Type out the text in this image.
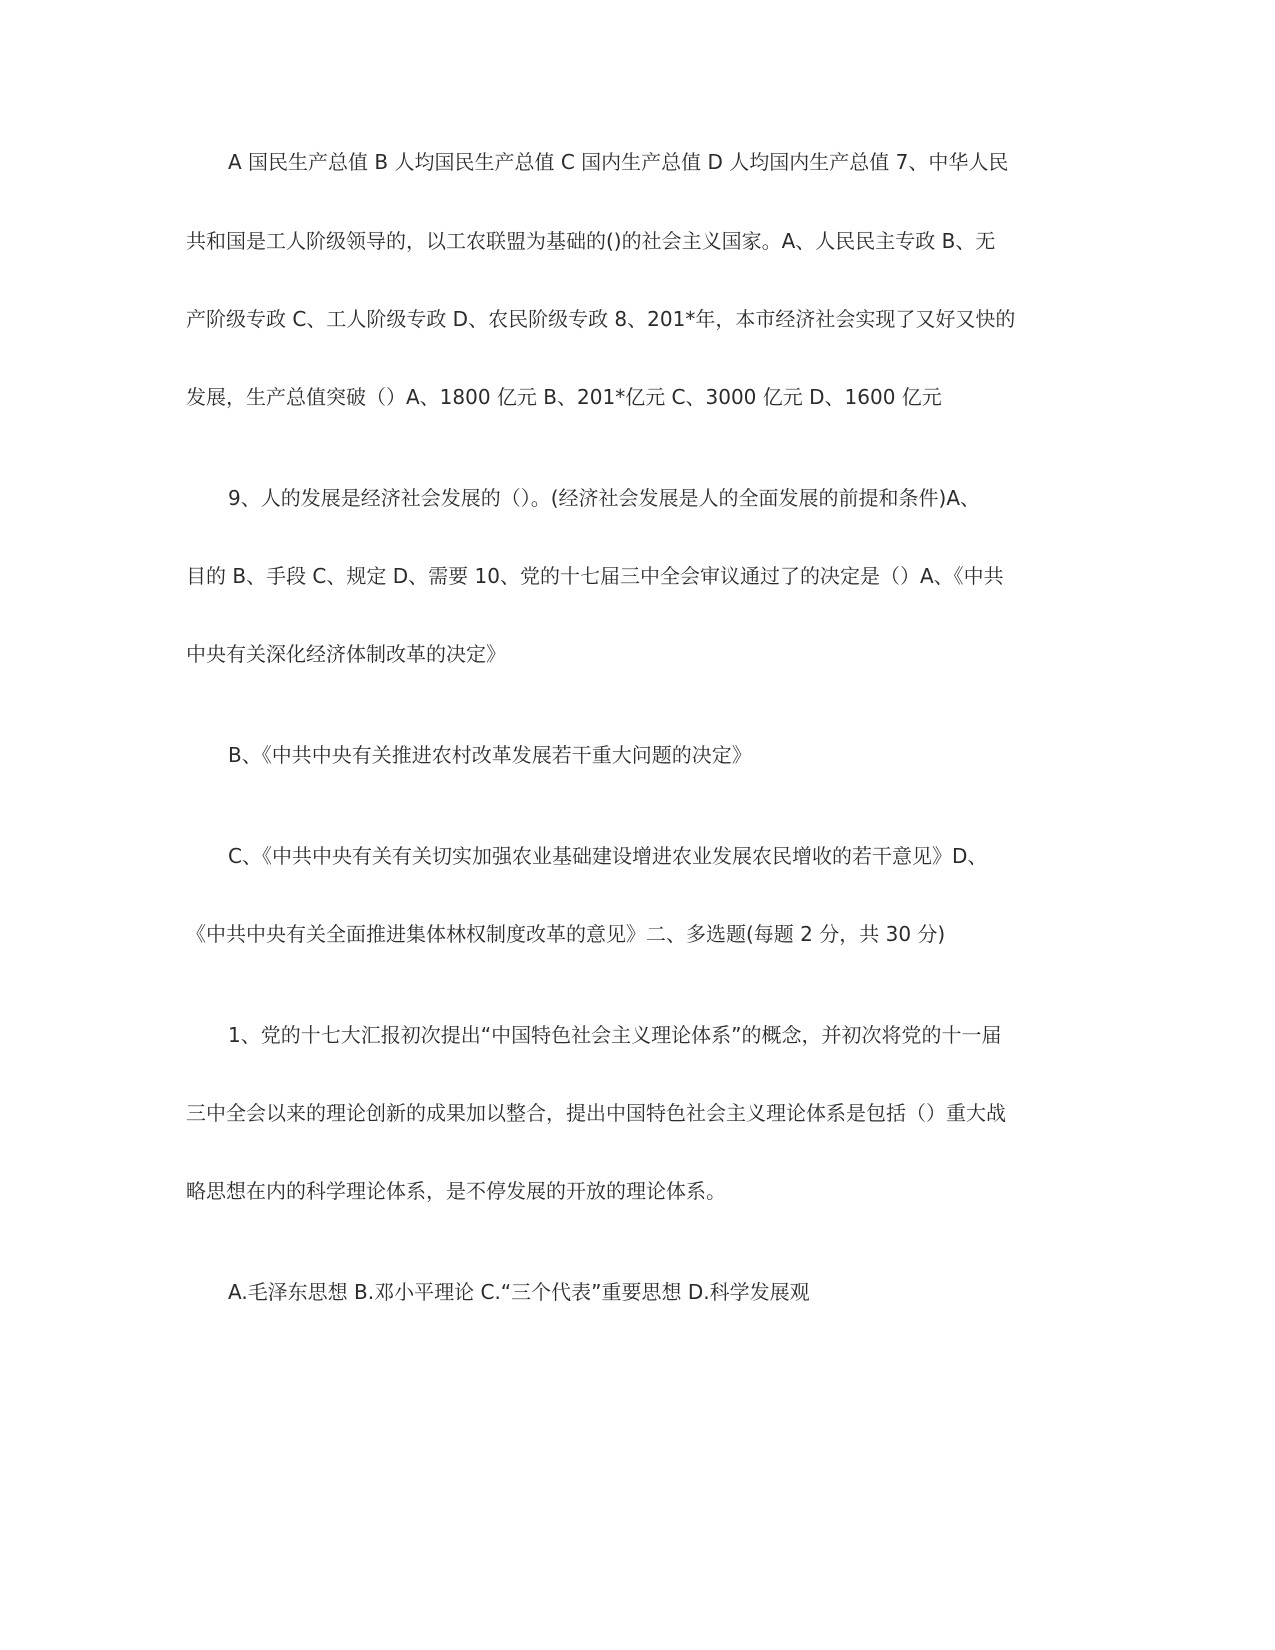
A 国民生产总值 B 人均国民生产总值 C 国内生产总值 D 人均国内生产总值 7、中华人民
共和国是工人阶级领导的，以工农联盟为基础的()的社会主义国家。A、人民民主专政 B、无
产阶级专政 C、工人阶级专政 D、农民阶级专政 8、201*年，本市经济社会实现了又好又快的
发展，生产总值突破（）A、1800 亿元 B、201*亿元 C、3000 亿元 D、1600 亿元
9、人的发展是经济社会发展的（）。(经济社会发展是人的全面发展的前提和条件)A、
目的 B、手段 C、规定 D、需要 10、党的十七届三中全会审议通过了的决定是（）A、《中共
中央有关深化经济体制改革的决定》
B、《中共中央有关推进农村改革发展若干重大问题的决定》
C、《中共中央有关有关切实加强农业基础建设增进农业发展农民增收的若干意见》D、
《中共中央有关全面推进集体林权制度改革的意见》二、多选题(每题 2 分，共 30 分)
1、党的十七大汇报初次提出“中国特色社会主义理论体系”的概念，并初次将党的十一届
三中全会以来的理论创新的成果加以整合，提出中国特色社会主义理论体系是包括（）重大战
略思想在内的科学理论体系，是不停发展的开放的理论体系。
A.毛泽东思想 B.邓小平理论 C.“三个代表”重要思想 D.科学发展观
